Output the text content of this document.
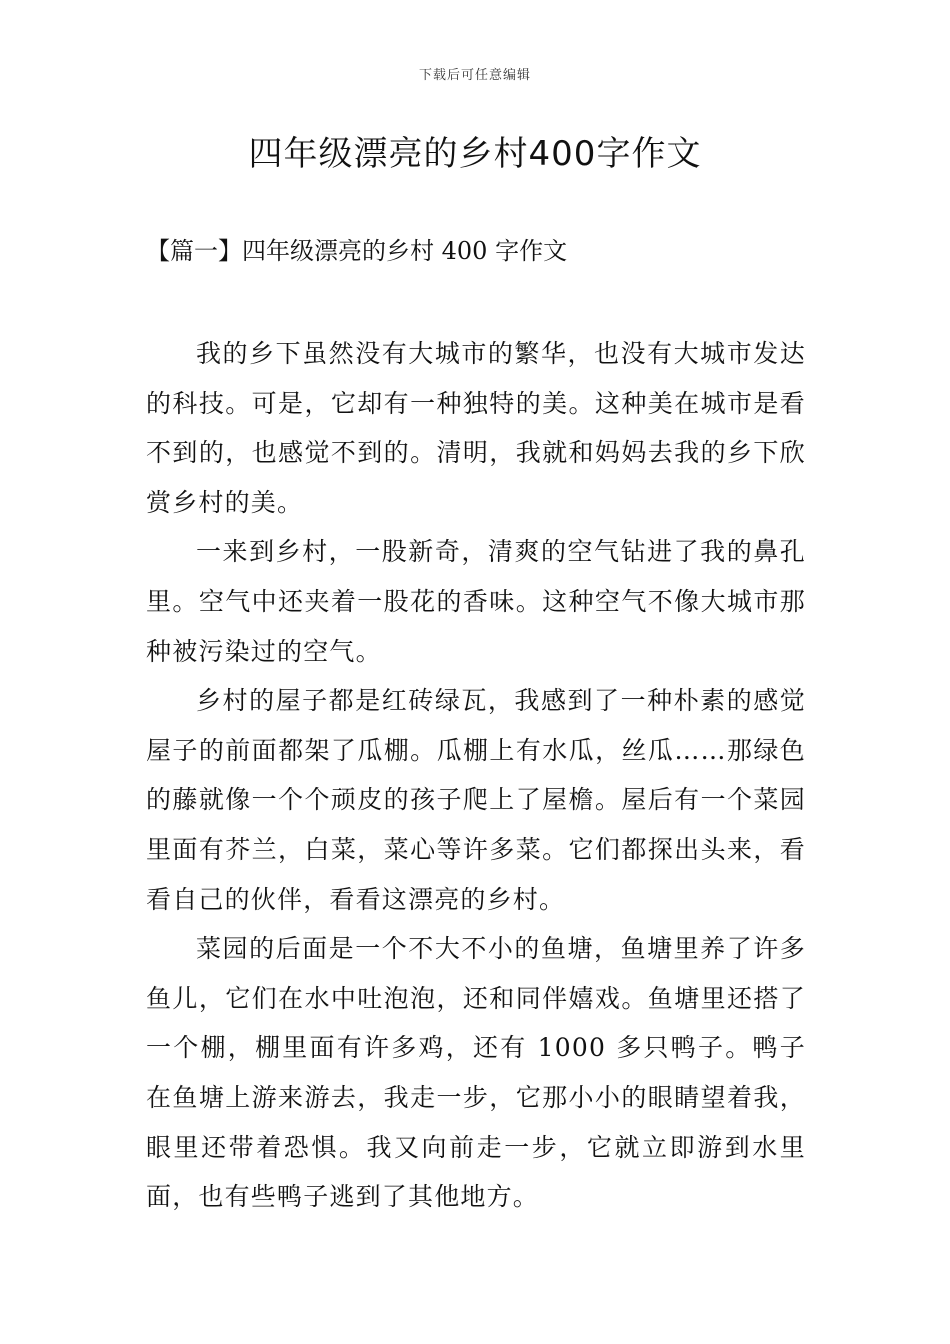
下载后可任意编辑
四年级漂亮的乡村400字作文
【篇一】四年级漂亮的乡村 400 字作文

我的乡下虽然没有大城市的繁华，也没有大城市发达的科技。可是，它却有一种独特的美。这种美在城市是看不到的，也感觉不到的。清明，我就和妈妈去我的乡下欣赏乡村的美。

一来到乡村，一股新奇，清爽的空气钻进了我的鼻孔里。空气中还夹着一股花的香味。这种空气不像大城市那种被污染过的空气。

乡村的屋子都是红砖绿瓦，我感到了一种朴素的感觉屋子的前面都架了瓜棚。瓜棚上有水瓜，丝瓜……那绿色的藤就像一个个顽皮的孩子爬上了屋檐。屋后有一个菜园里面有芥兰，白菜，菜心等许多菜。它们都探出头来，看看自己的伙伴，看看这漂亮的乡村。

菜园的后面是一个不大不小的鱼塘，鱼塘里养了许多鱼儿，它们在水中吐泡泡，还和同伴嬉戏。鱼塘里还搭了一个棚，棚里面有许多鸡，还有 1000 多只鸭子。鸭子在鱼塘上游来游去，我走一步，它那小小的眼睛望着我，眼里还带着恐惧。我又向前走一步，它就立即游到水里面，也有些鸭子逃到了其他地方。
